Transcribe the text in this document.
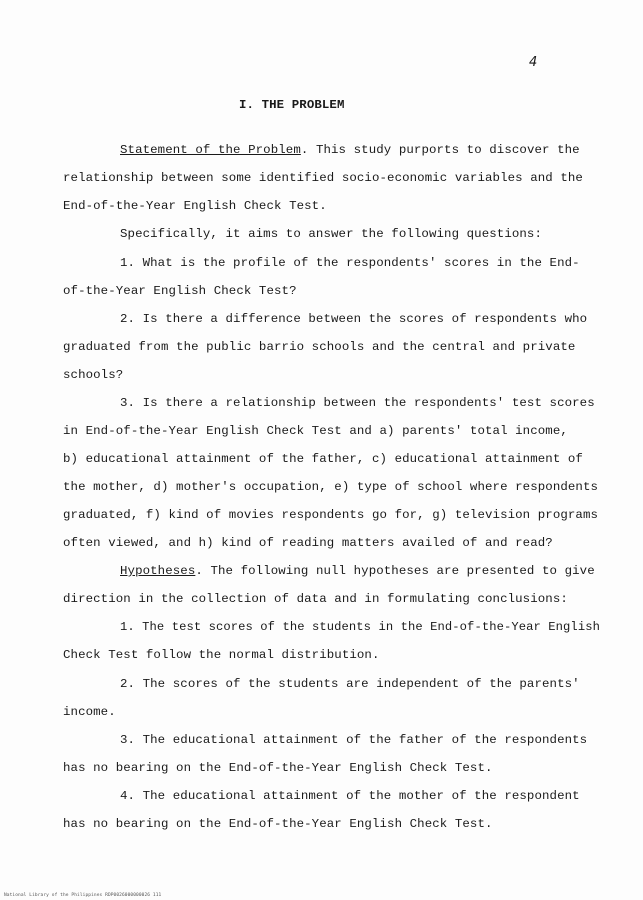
4

I. THE PROBLEM

Statement of the Problem. This study purports to discover the

relationship between some identified socio-economic variables and the

End-of-the-Year English Check Test.

Specifically, it aims to answer the following questions:

1. What is the profile of the respondents' scores in the End-

of-the-Year English Check Test?

2. Is there a difference between the scores of respondents who

graduated from the public barrio schools and the central and private

schools?

3. Is there a relationship between the respondents' test scores

in End-of-the-Year English Check Test and a) parents' total income,

b) educational attainment of the father, c) educational attainment of

the mother, d) mother's occupation, e) type of school where respondents

graduated, f) kind of movies respondents go for, g) television programs

often viewed, and h) kind of reading matters availed of and read?

Hypotheses. The following null hypotheses are presented to give

direction in the collection of data and in formulating conclusions:

1. The test scores of the students in the End-of-the-Year English

Check Test follow the normal distribution.

2. The scores of the students are independent of the parents'

income.

3. The educational attainment of the father of the respondents

has no bearing on the End-of-the-Year English Check Test.

4. The educational attainment of the mother of the respondent

has no bearing on the End-of-the-Year English Check Test.

National Library of the Philippines RDP0026000000026 111
